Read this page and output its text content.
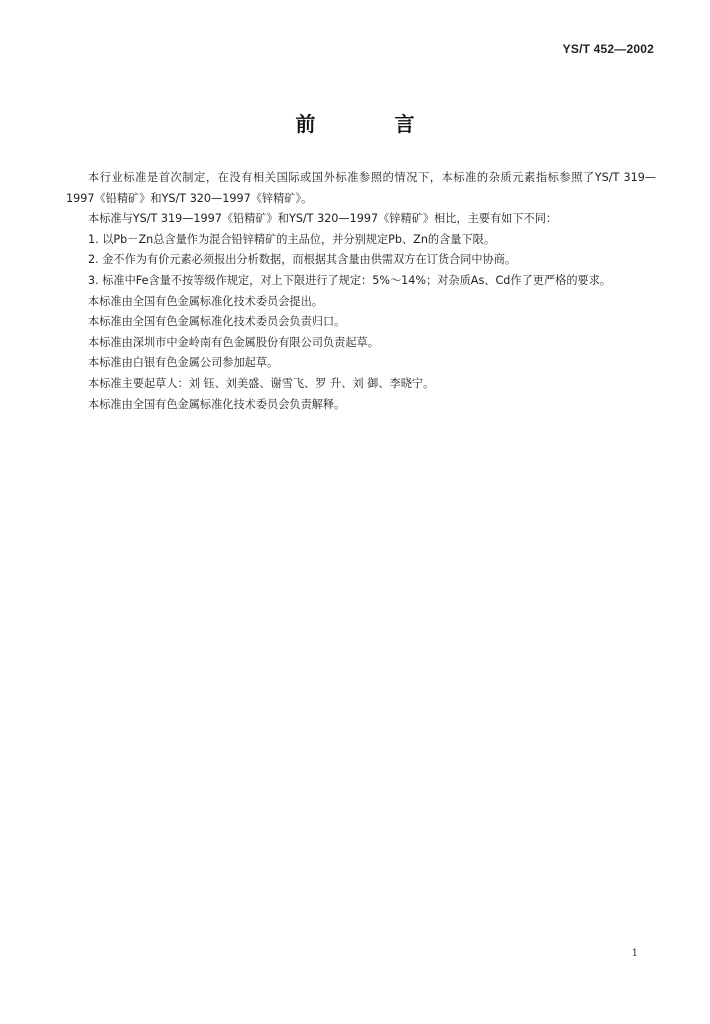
YS/T 452—2002
前 言

本行业标准是首次制定，在没有相关国际或国外标准参照的情况下，本标准的杂质元素指标参照了YS/T 319—1997《铅精矿》和YS/T 320—1997《锌精矿》。

本标准与YS/T 319—1997《铅精矿》和YS/T 320—1997《锌精矿》相比，主要有如下不同：

1. 以Pb－Zn总含量作为混合铅锌精矿的主品位，并分别规定Pb、Zn的含量下限。

2. 金不作为有价元素必须报出分析数据，而根据其含量由供需双方在订货合同中协商。

3. 标准中Fe含量不按等级作规定，对上下限进行了规定：5%～14%；对杂质As、Cd作了更严格的要求。

本标准由全国有色金属标准化技术委员会提出。

本标准由全国有色金属标准化技术委员会负责归口。

本标准由深圳市中金岭南有色金属股份有限公司负责起草。

本标准由白银有色金属公司参加起草。

本标准主要起草人：刘 钰、刘美盛、谢雪飞、罗 升、刘 御、李晓宁。

本标准由全国有色金属标准化技术委员会负责解释。

1
